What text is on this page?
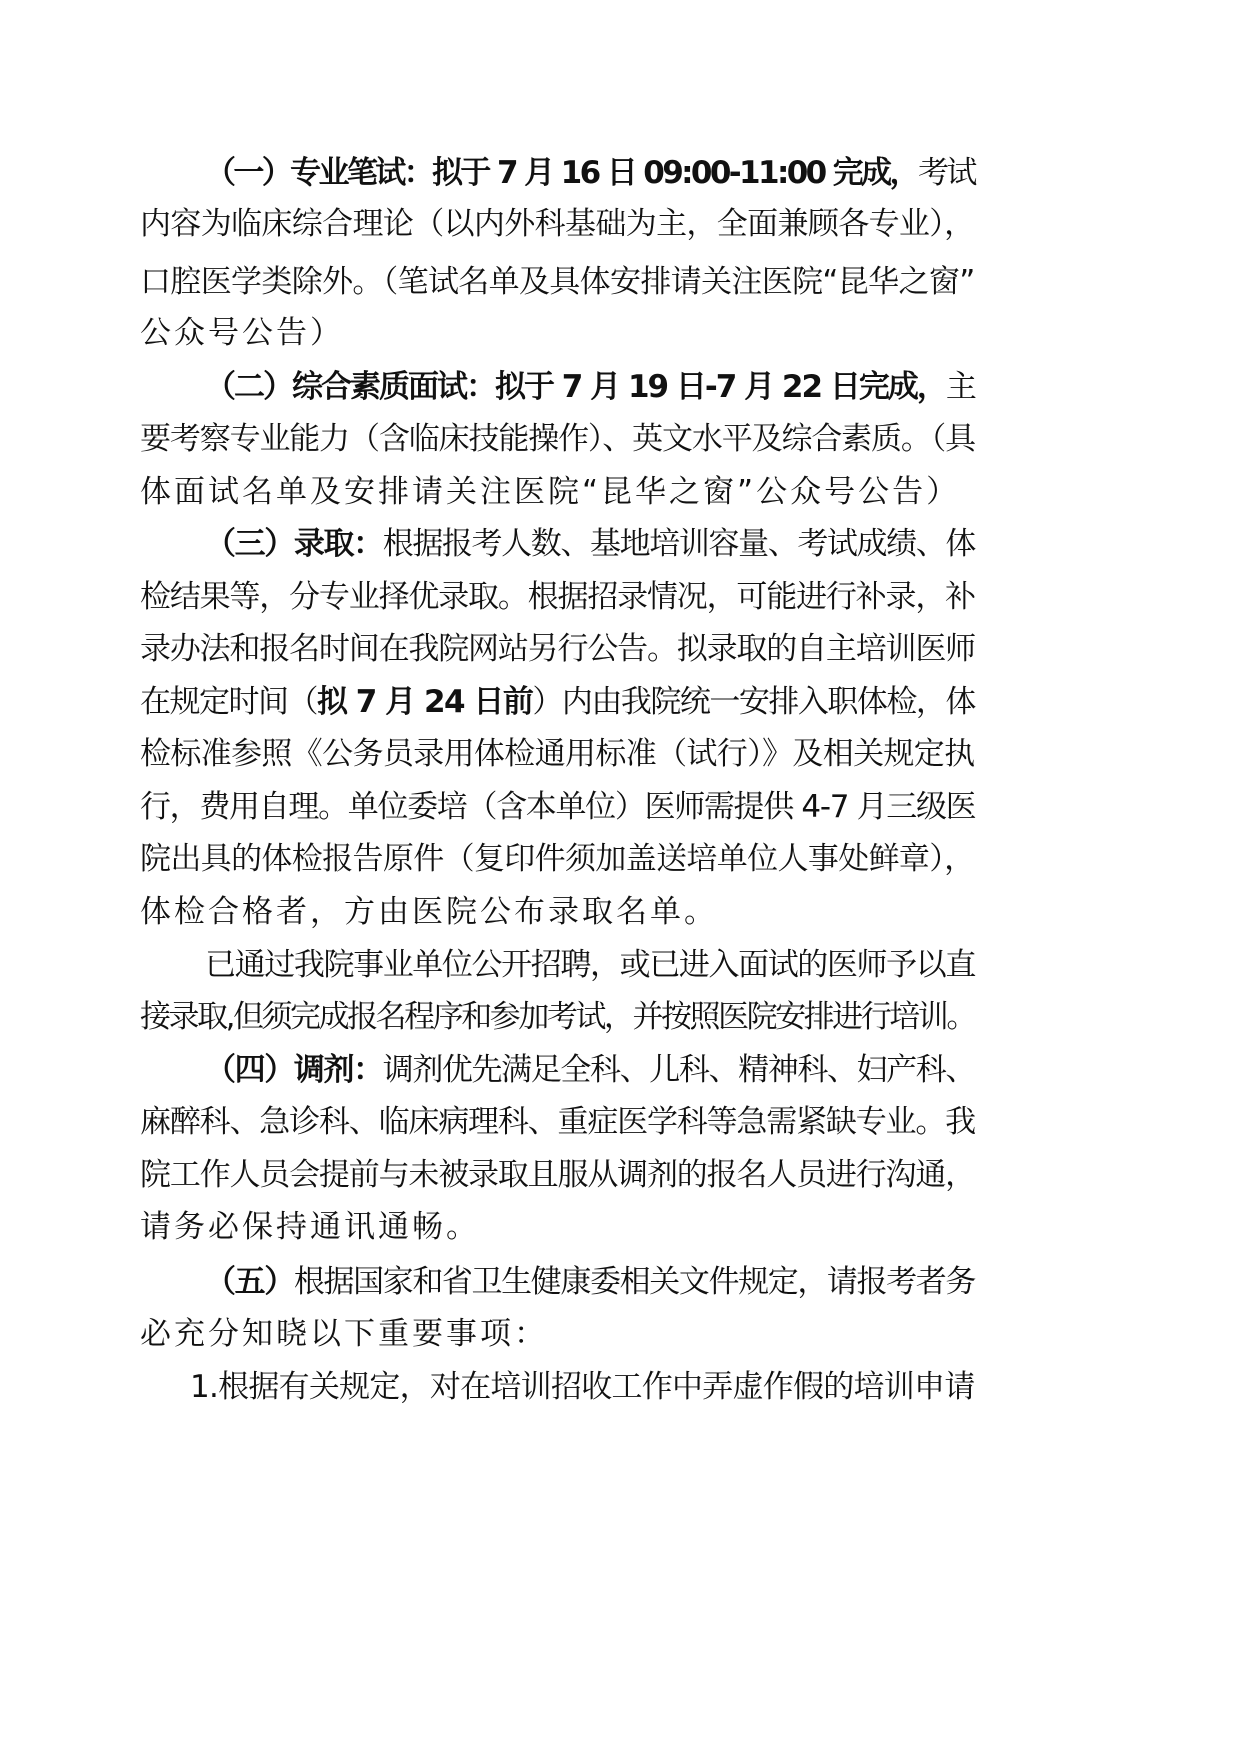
（一）专业笔试：拟于 7 月 16 日 09:00-11:00 完成，考试
内容为临床综合理论（以内外科基础为主，全面兼顾各专业），
口腔医学类除外。（笔试名单及具体安排请关注医院“昆华之窗”
公众号公告）
（二）综合素质面试：拟于 7 月 19 日-7 月 22 日完成，主
要考察专业能力（含临床技能操作）、英文水平及综合素质。（具
体面试名单及安排请关注医院“昆华之窗”公众号公告）
（三）录取：根据报考人数、基地培训容量、考试成绩、体
检结果等，分专业择优录取。根据招录情况，可能进行补录，补
录办法和报名时间在我院网站另行公告。拟录取的自主培训医师
在规定时间（拟 7 月 24 日前）内由我院统一安排入职体检，体
检标准参照《公务员录用体检通用标准（试行）》及相关规定执
行，费用自理。单位委培（含本单位）医师需提供 4-7 月三级医
院出具的体检报告原件（复印件须加盖送培单位人事处鲜章），
体检合格者，方由医院公布录取名单。
已通过我院事业单位公开招聘，或已进入面试的医师予以直
接录取,但须完成报名程序和参加考试，并按照医院安排进行培训。
（四）调剂：调剂优先满足全科、儿科、精神科、妇产科、
麻醉科、急诊科、临床病理科、重症医学科等急需紧缺专业。我
院工作人员会提前与未被录取且服从调剂的报名人员进行沟通，
请务必保持通讯通畅。
（五）根据国家和省卫生健康委相关文件规定，请报考者务
必充分知晓以下重要事项：
1.根据有关规定，对在培训招收工作中弄虚作假的培训申请
